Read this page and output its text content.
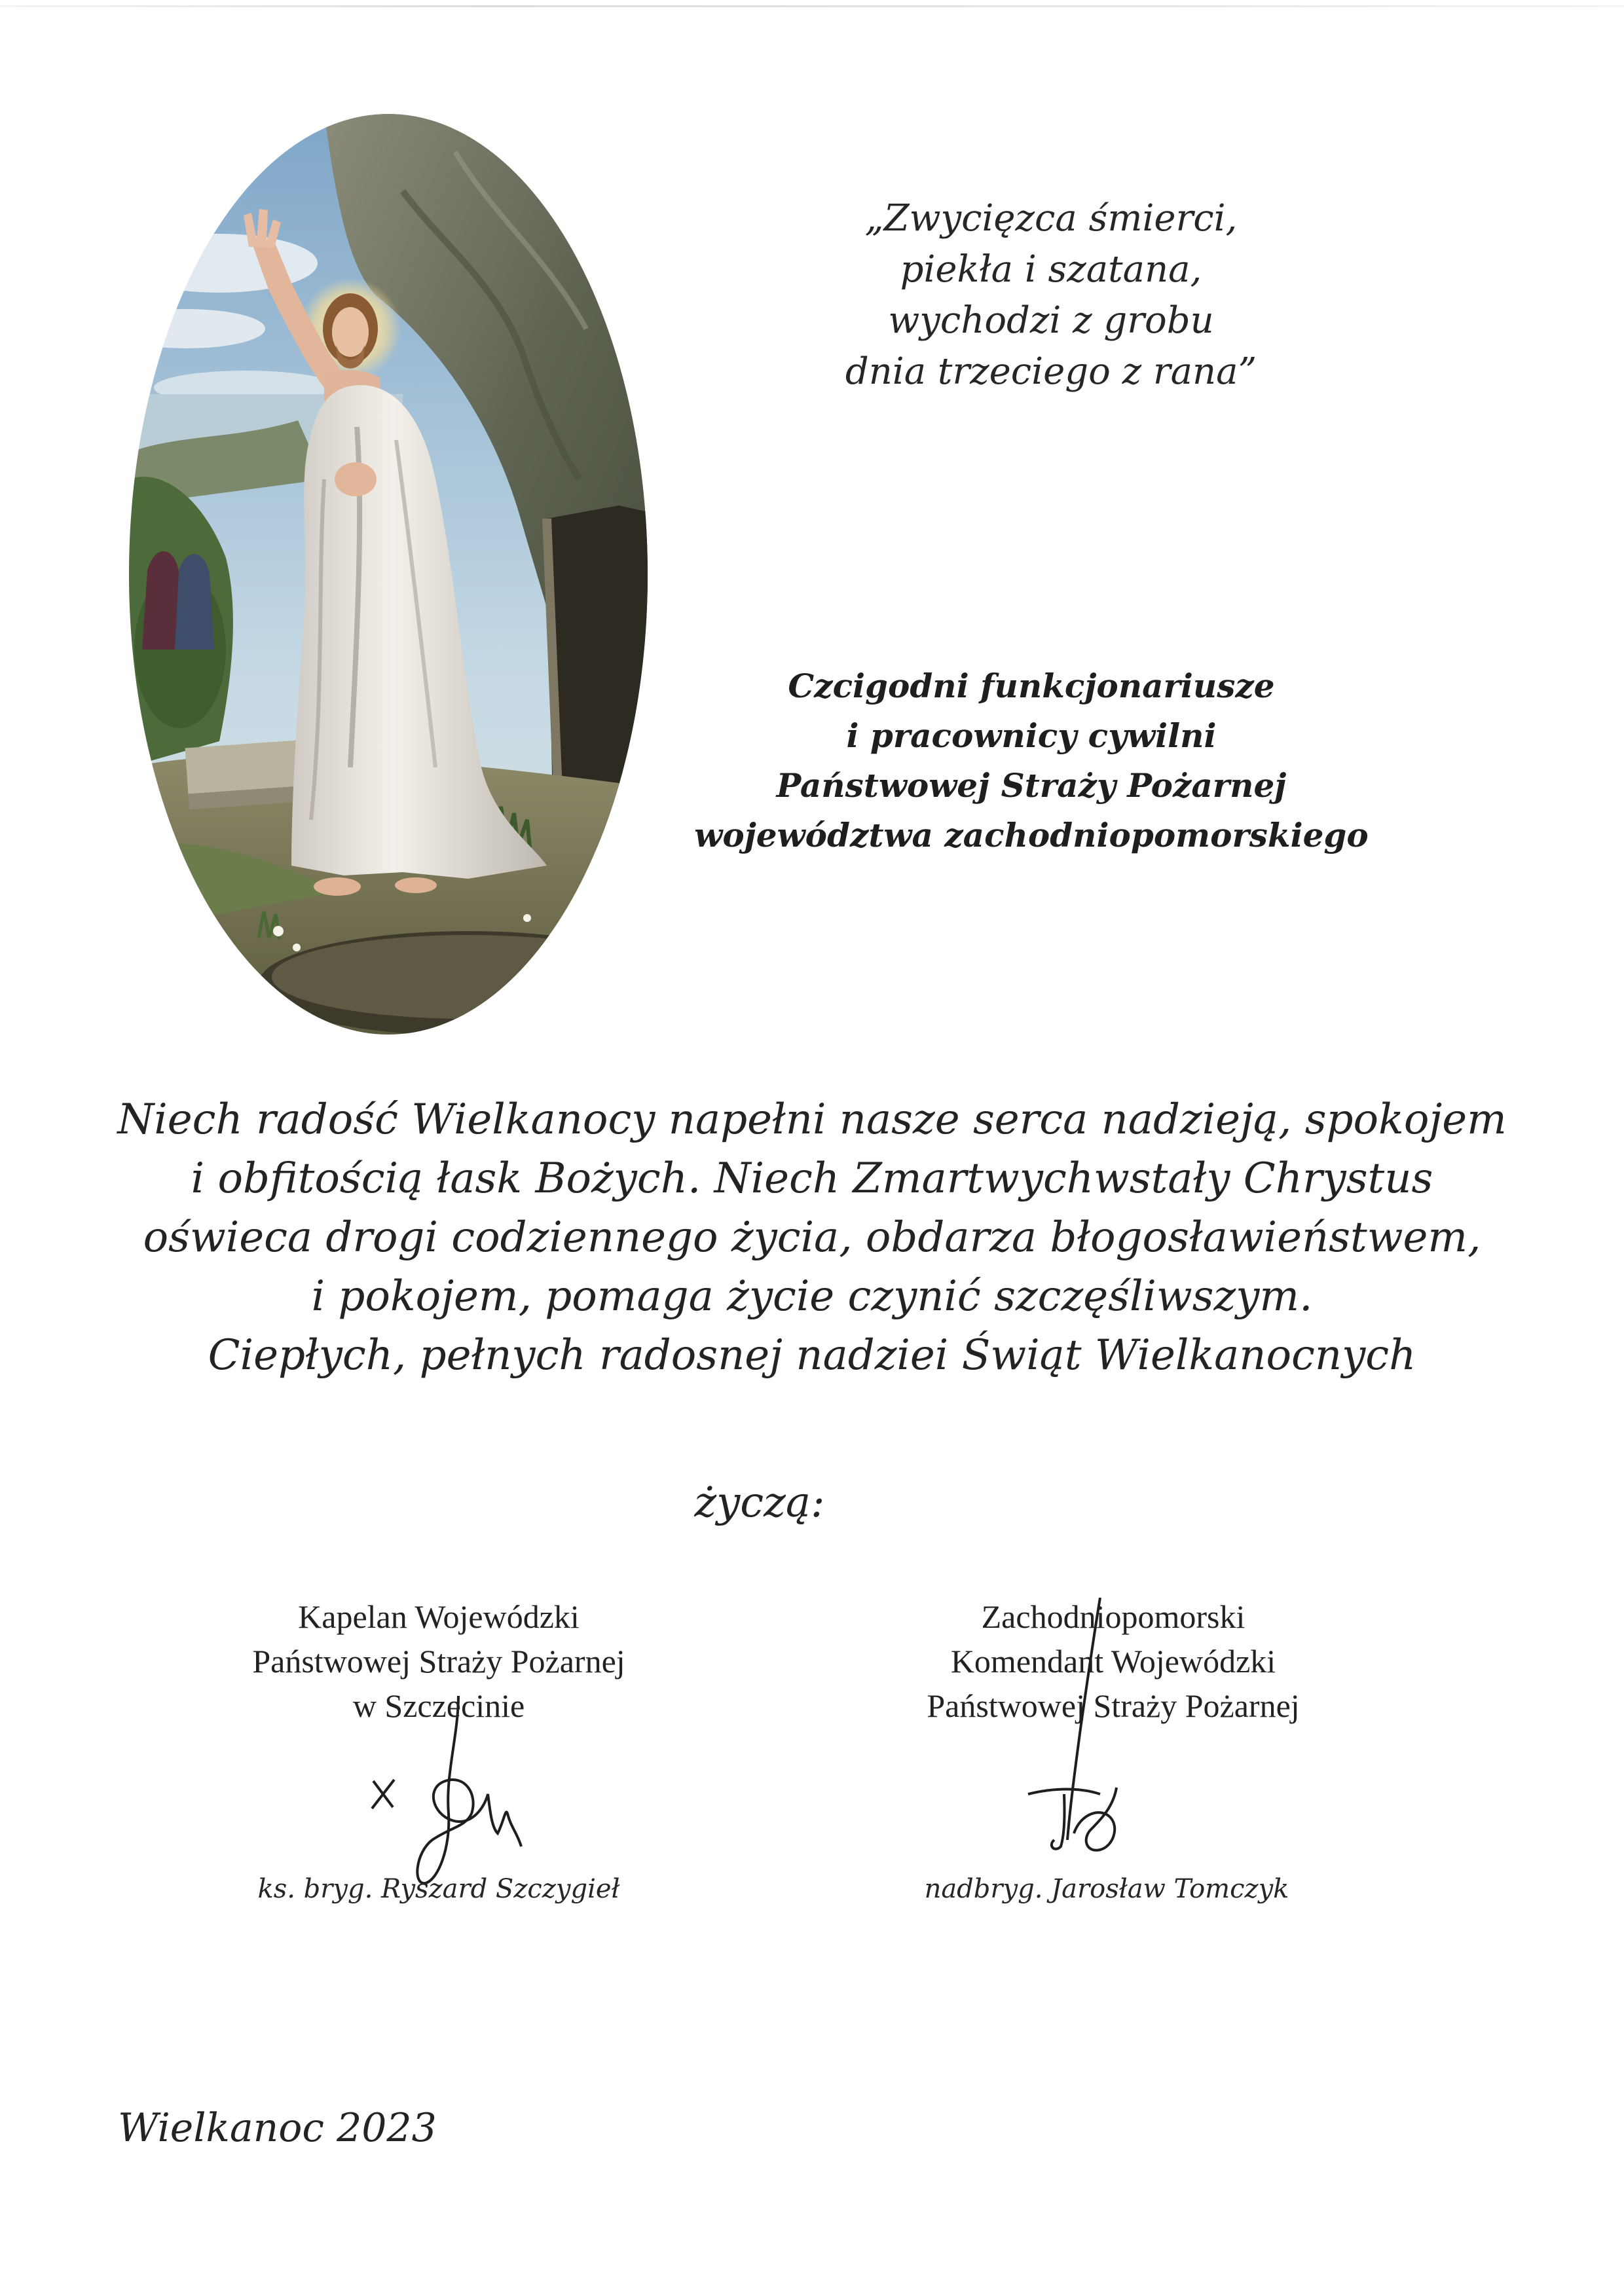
„Zwycięzca śmierci,
piekła i szatana,
wychodzi z grobu
dnia trzeciego z rana”
Czcigodni funkcjonariusze
i pracownicy cywilni
Państwowej Straży Pożarnej
województwa zachodniopomorskiego
Niech radość Wielkanocy napełni nasze serca nadzieją, spokojem
i obfitością łask Bożych. Niech Zmartwychwstały Chrystus
oświeca drogi codziennego życia, obdarza błogosławieństwem,
i pokojem, pomaga życie czynić szczęśliwszym.
Ciepłych, pełnych radosnej nadziei Świąt Wielkanocnych
życzą:
Kapelan Wojewódzki
Państwowej Straży Pożarnej
w Szczecinie
ks. bryg. Ryszard Szczygieł
Zachodniopomorski
Komendant Wojewódzki
Państwowej Straży Pożarnej
nadbryg. Jarosław Tomczyk
Wielkanoc 2023
